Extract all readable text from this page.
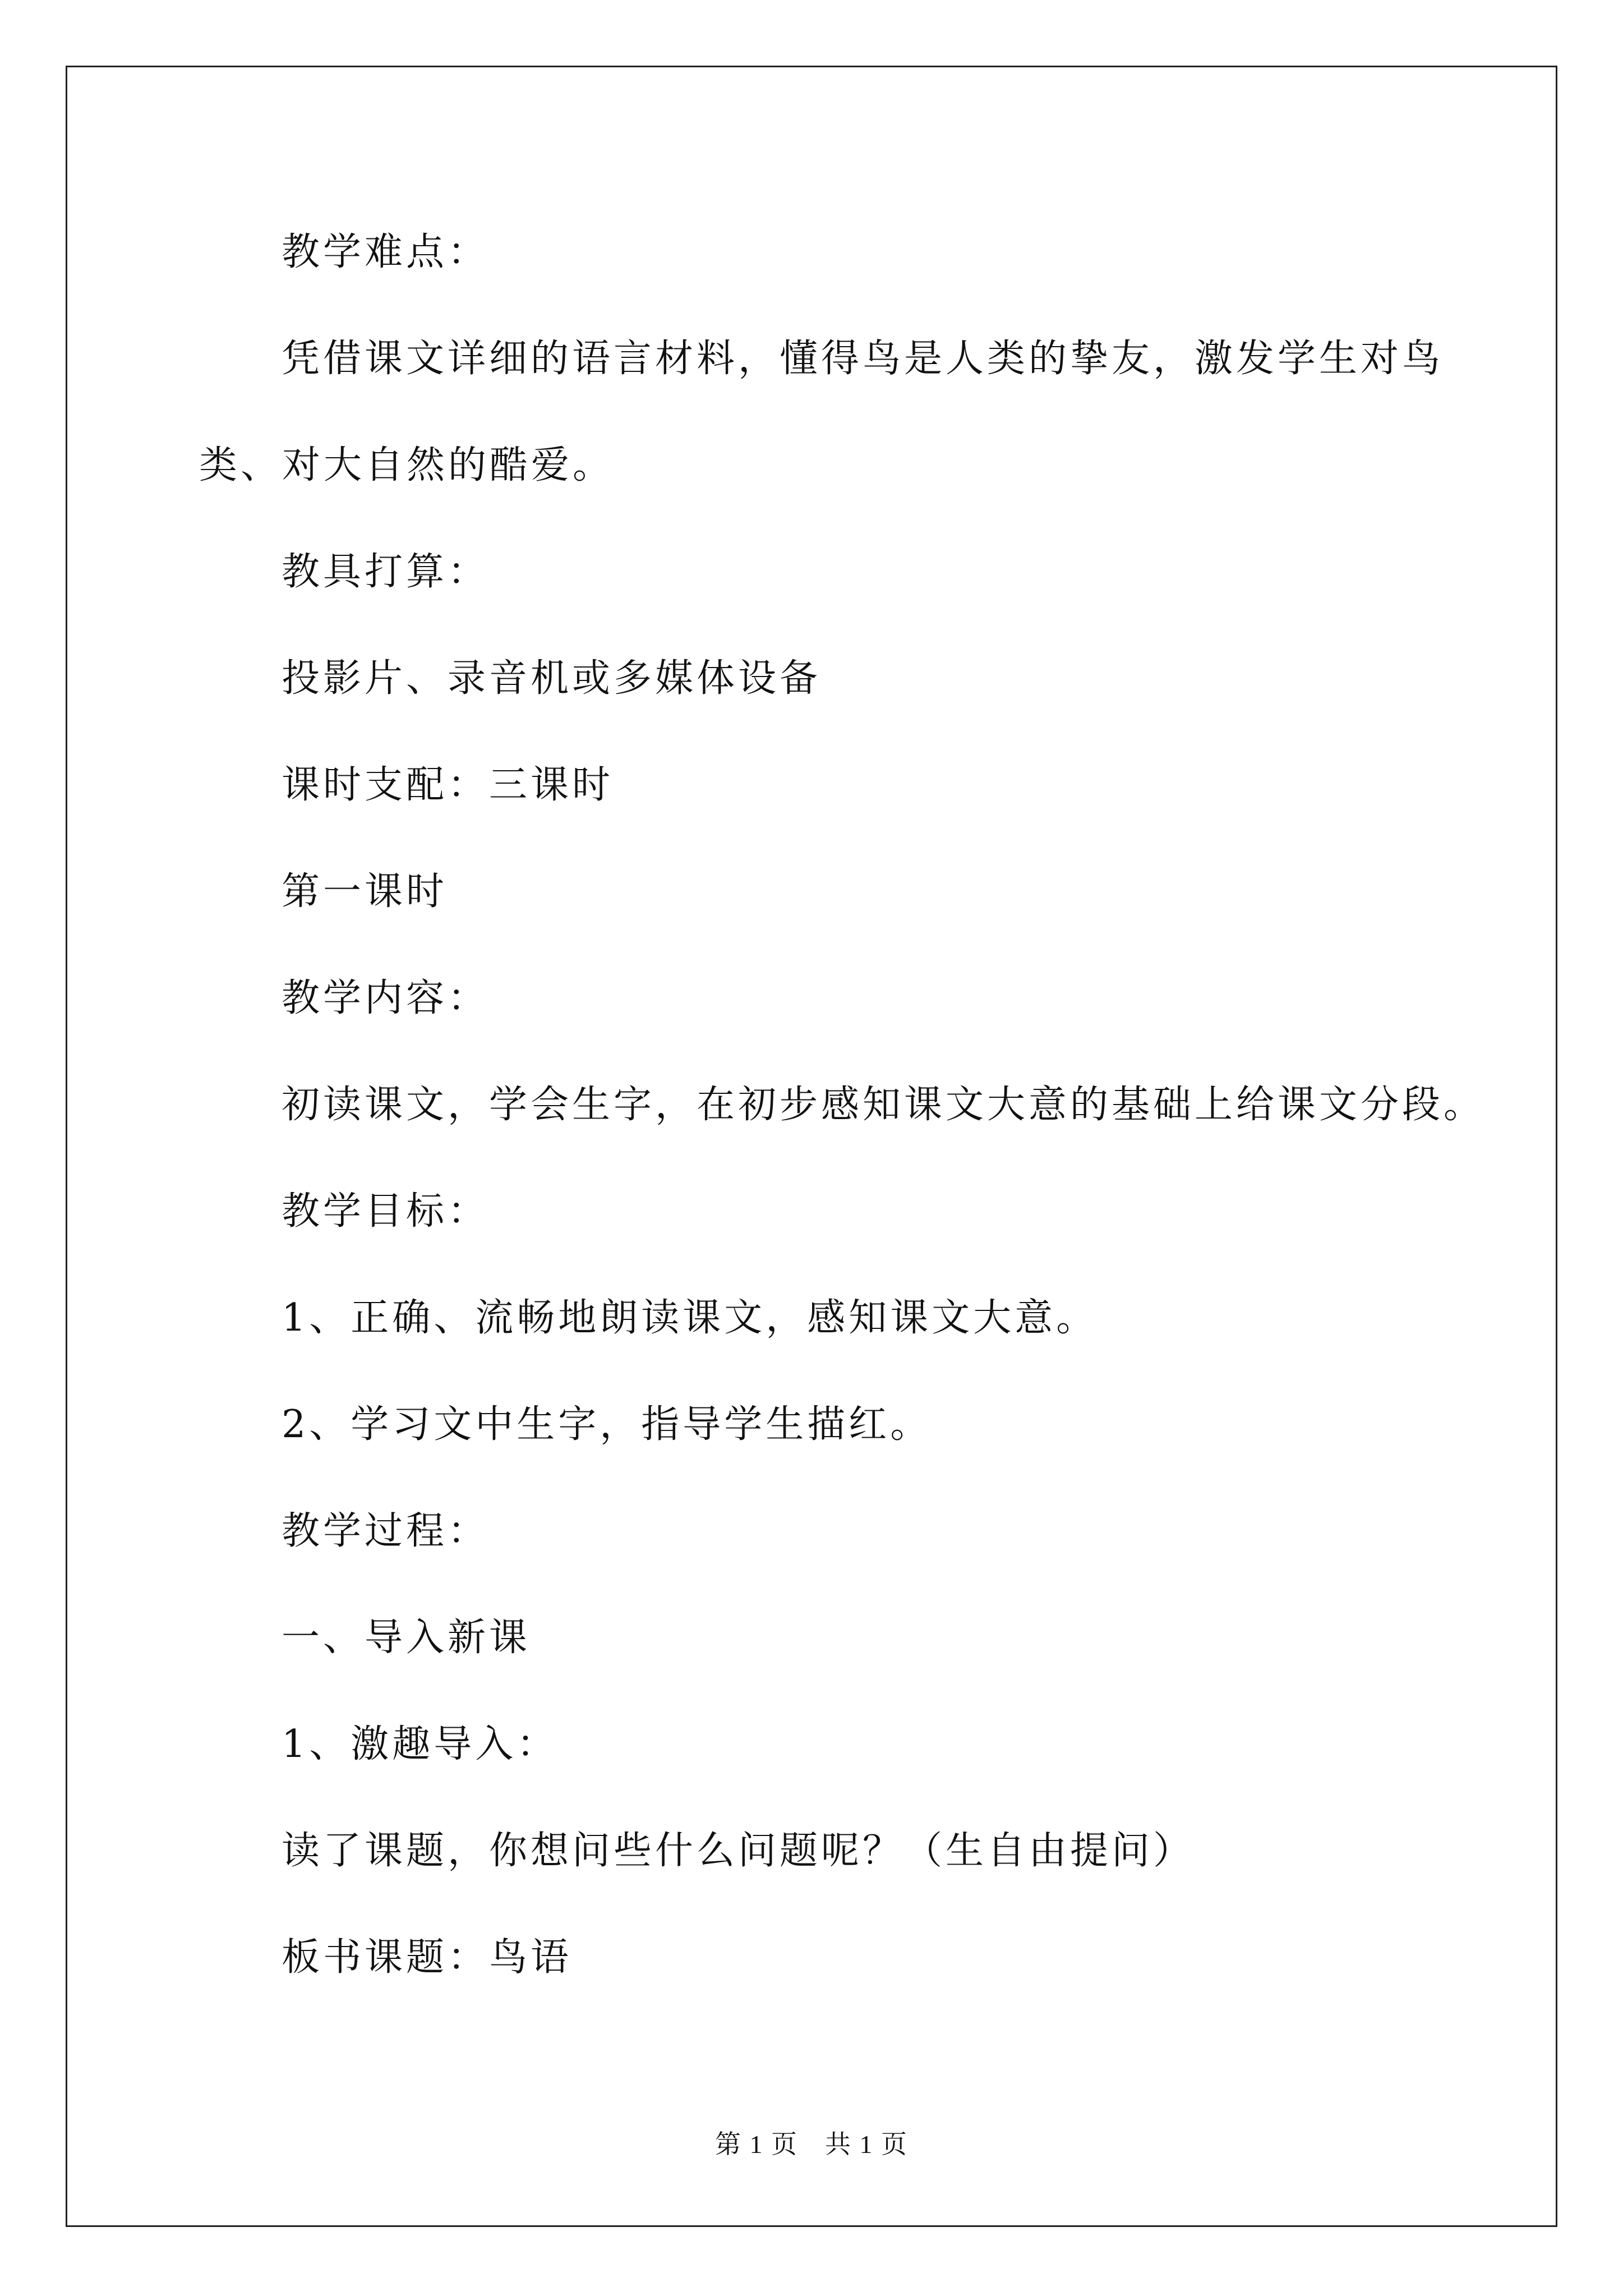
教学难点：
凭借课文详细的语言材料，懂得鸟是人类的挚友，激发学生对鸟
类、对大自然的酷爱。
教具打算：
投影片、录音机或多媒体设备
课时支配：三课时
第一课时
教学内容：
初读课文，学会生字，在初步感知课文大意的基础上给课文分段。
教学目标：
1、正确、流畅地朗读课文，感知课文大意。
2、学习文中生字，指导学生描红。
教学过程：
一、导入新课
1、激趣导入：
读了课题，你想问些什么问题呢？（生自由提问）
板书课题：鸟语
第 1 页　共 1 页
